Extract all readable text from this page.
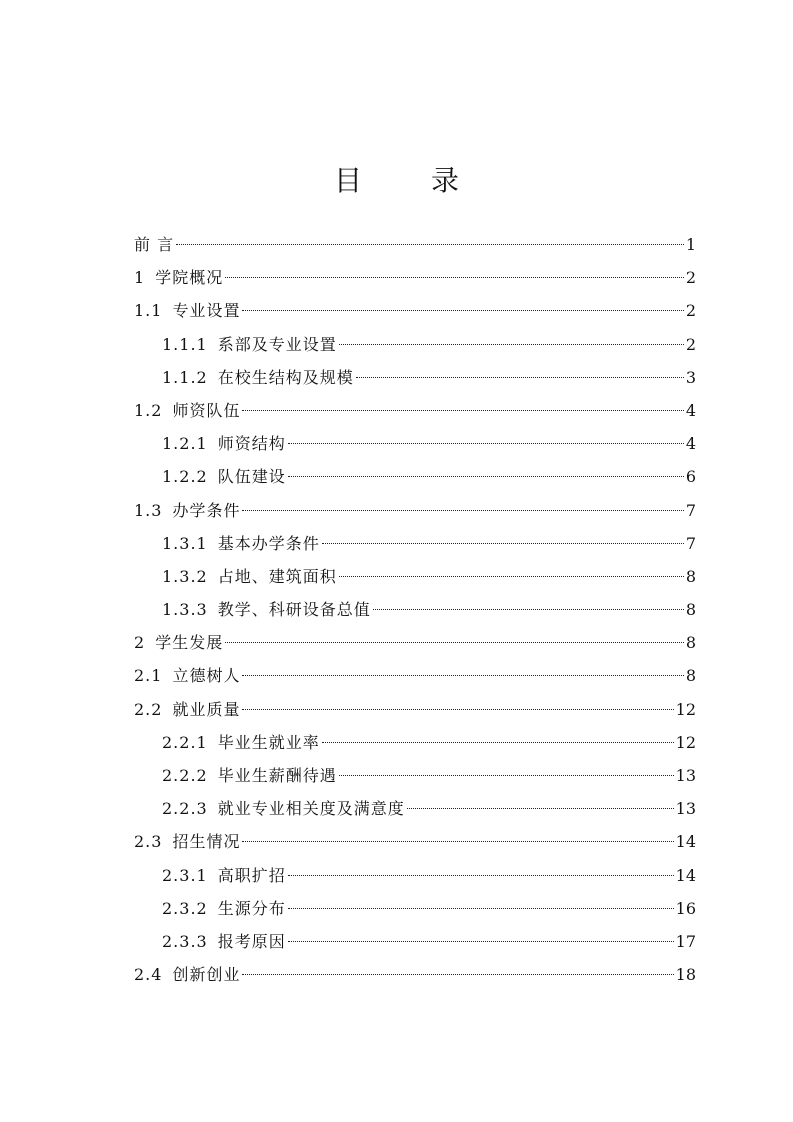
目 录
前 言	1
1 学院概况	2
1.1 专业设置	2
1.1.1 系部及专业设置	2
1.1.2 在校生结构及规模	3
1.2 师资队伍	4
1.2.1 师资结构	4
1.2.2 队伍建设	6
1.3 办学条件	7
1.3.1 基本办学条件	7
1.3.2 占地、建筑面积	8
1.3.3 教学、科研设备总值	8
2 学生发展	8
2.1 立德树人	8
2.2 就业质量	12
2.2.1 毕业生就业率	12
2.2.2 毕业生薪酬待遇	13
2.2.3 就业专业相关度及满意度	13
2.3 招生情况	14
2.3.1 高职扩招	14
2.3.2 生源分布	16
2.3.3 报考原因	17
2.4 创新创业	18
